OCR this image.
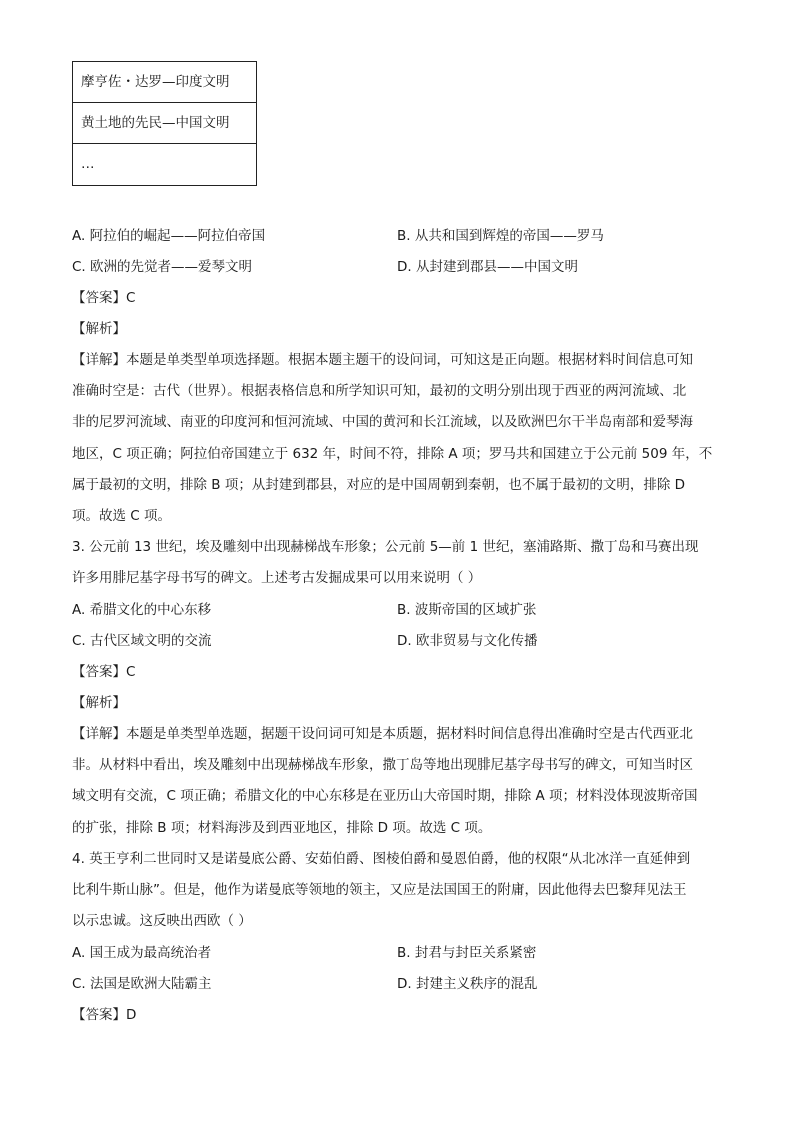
摩亨佐・达罗—印度文明
黄土地的先民—中国文明
…
A. 阿拉伯的崛起——阿拉伯帝国	B. 从共和国到辉煌的帝国——罗马
C. 欧洲的先觉者——爱琴文明	D. 从封建到郡县——中国文明
【答案】C
【解析】
【详解】本题是单类型单项选择题。根据本题主题干的设问词，可知这是正向题。根据材料时间信息可知
准确时空是：古代（世界）。根据表格信息和所学知识可知，最初的文明分别出现于西亚的两河流域、北
非的尼罗河流域、南亚的印度河和恒河流域、中国的黄河和长江流域，以及欧洲巴尔干半岛南部和爱琴海
地区，C 项正确；阿拉伯帝国建立于 632 年，时间不符，排除 A 项；罗马共和国建立于公元前 509 年，不
属于最初的文明，排除 B 项；从封建到郡县，对应的是中国周朝到秦朝，也不属于最初的文明，排除 D
项。故选 C 项。
3. 公元前 13 世纪，埃及雕刻中出现赫梯战车形象；公元前 5—前 1 世纪，塞浦路斯、撒丁岛和马赛出现
许多用腓尼基字母书写的碑文。上述考古发掘成果可以用来说明（ ）
A. 希腊文化的中心东移	B. 波斯帝国的区域扩张
C. 古代区域文明的交流	D. 欧非贸易与文化传播
【答案】C
【解析】
【详解】本题是单类型单选题，据题干设问词可知是本质题，据材料时间信息得出准确时空是古代西亚北
非。从材料中看出，埃及雕刻中出现赫梯战车形象，撒丁岛等地出现腓尼基字母书写的碑文，可知当时区
域文明有交流，C 项正确；希腊文化的中心东移是在亚历山大帝国时期，排除 A 项；材料没体现波斯帝国
的扩张，排除 B 项；材料海涉及到西亚地区，排除 D 项。故选 C 项。
4. 英王亨利二世同时又是诺曼底公爵、安茹伯爵、图棱伯爵和曼恩伯爵，他的权限“从北冰洋一直延伸到
比利牛斯山脉”。但是，他作为诺曼底等领地的领主，又应是法国国王的附庸，因此他得去巴黎拜见法王
以示忠诚。这反映出西欧（ ）
A. 国王成为最高统治者	B. 封君与封臣关系紧密
C. 法国是欧洲大陆霸主	D. 封建主义秩序的混乱
【答案】D
